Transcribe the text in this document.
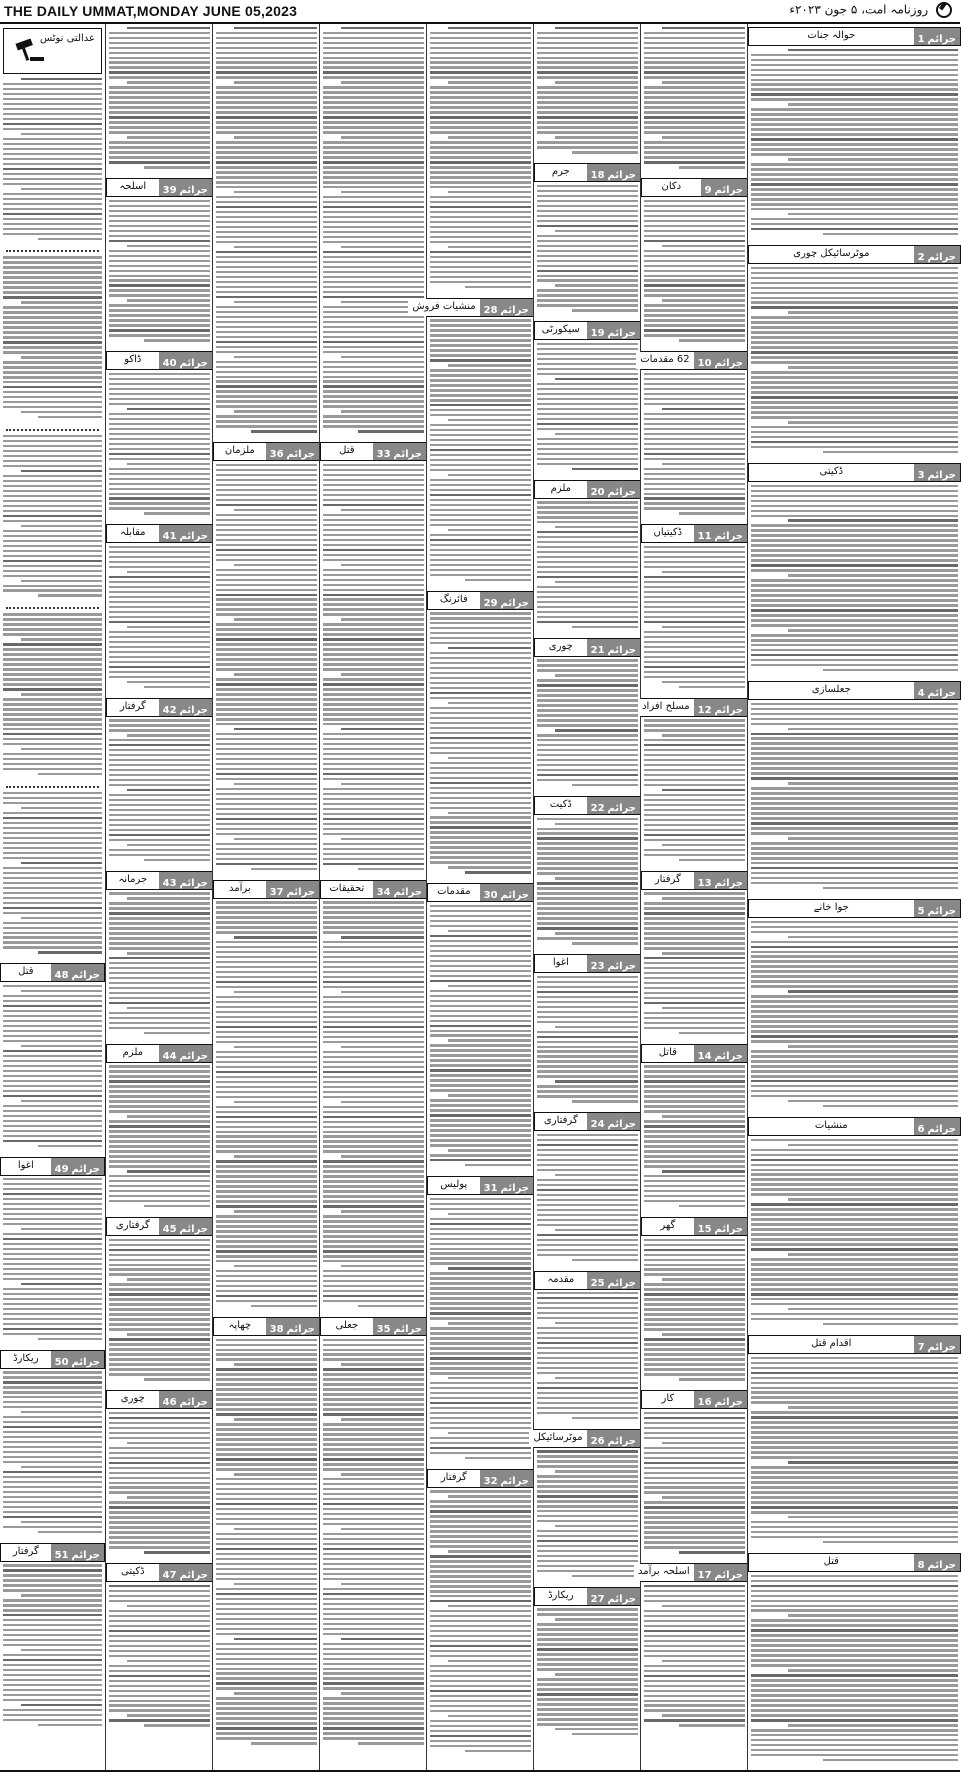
THE DAILY UMMAT,MONDAY JUNE 05,2023	روزنامہ امت، ۵ جون ۲۰۲۳ء
عدالتی نوٹس
جرائم48
قتل
جرائم49
اغوا
جرائم50
ریکارڈ
جرائم51
گرفتار
جرائم39
اسلحہ
جرائم40
ڈاکو
جرائم41
مقابلہ
جرائم42
گرفتار
جرائم43
جرمانہ
جرائم44
ملزم
جرائم45
گرفتاری
جرائم46
چوری
جرائم47
ڈکیتی
جرائم36
ملزمان
جرائم37
برآمد
جرائم38
چھاپہ
جرائم33
قتل
جرائم34
تحقیقات
جرائم35
جعلی
جرائم28
منشیات فروش
جرائم29
فائرنگ
جرائم30
مقدمات
جرائم31
پولیس
جرائم32
گرفتار
جرائم18
جرم
جرائم19
سیکورٹی
جرائم20
ملزم
جرائم21
چوری
جرائم22
ڈکیت
جرائم23
اغوا
جرائم24
گرفتاری
جرائم25
مقدمہ
جرائم26
موٹرسائیکل
جرائم27
ریکارڈ
جرائم9
دکان
جرائم10
62 مقدمات
جرائم11
ڈکیتیاں
جرائم12
مسلح افراد
جرائم13
گرفتار
جرائم14
قاتل
جرائم15
گھر
جرائم16
کار
جرائم17
اسلحہ برآمد
جرائم1
حوالہ جنات
جرائم2
موٹرسائیکل چوری
جرائم3
ڈکیتی
جرائم4
جعلسازی
جرائم5
جوا خانے
جرائم6
منشیات
جرائم7
اقدام قتل
جرائم8
قتل
